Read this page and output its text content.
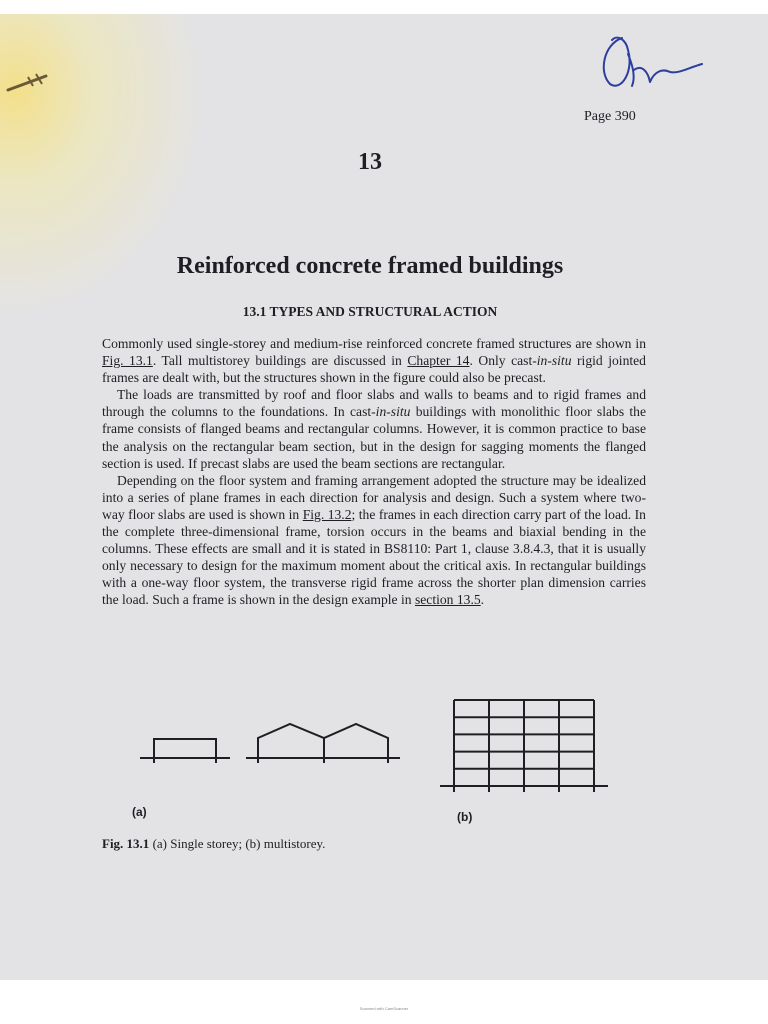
Page 390
13
Reinforced concrete framed buildings
13.1 TYPES AND STRUCTURAL ACTION

Commonly used single-storey and medium-rise reinforced concrete framed structures are shown in Fig. 13.1. Tall multistorey buildings are discussed in Chapter 14. Only cast-in-situ rigid jointed frames are dealt with, but the structures shown in the figure could also be precast.

The loads are transmitted by roof and floor slabs and walls to beams and to rigid frames and through the columns to the foundations. In cast-in-situ buildings with monolithic floor slabs the frame consists of flanged beams and rectangular columns. However, it is common practice to base the analysis on the rectangular beam section, but in the design for sagging moments the flanged section is used. If precast slabs are used the beam sections are rectangular.

Depending on the floor system and framing arrangement adopted the structure may be idealized into a series of plane frames in each direction for analysis and design. Such a system where two-way floor slabs are used is shown in Fig. 13.2; the frames in each direction carry part of the load. In the complete three-dimensional frame, torsion occurs in the beams and biaxial bending in the columns. These effects are small and it is stated in BS8110: Part 1, clause 3.8.4.3, that it is usually only necessary to design for the maximum moment about the critical axis. In rectangular buildings with a one-way floor system, the transverse rigid frame across the shorter plan dimension carries the load. Such a frame is shown in the design example in section 13.5.

(a)	(b)
Fig. 13.1 (a) Single storey; (b) multistorey.
Scanned with CamScanner
